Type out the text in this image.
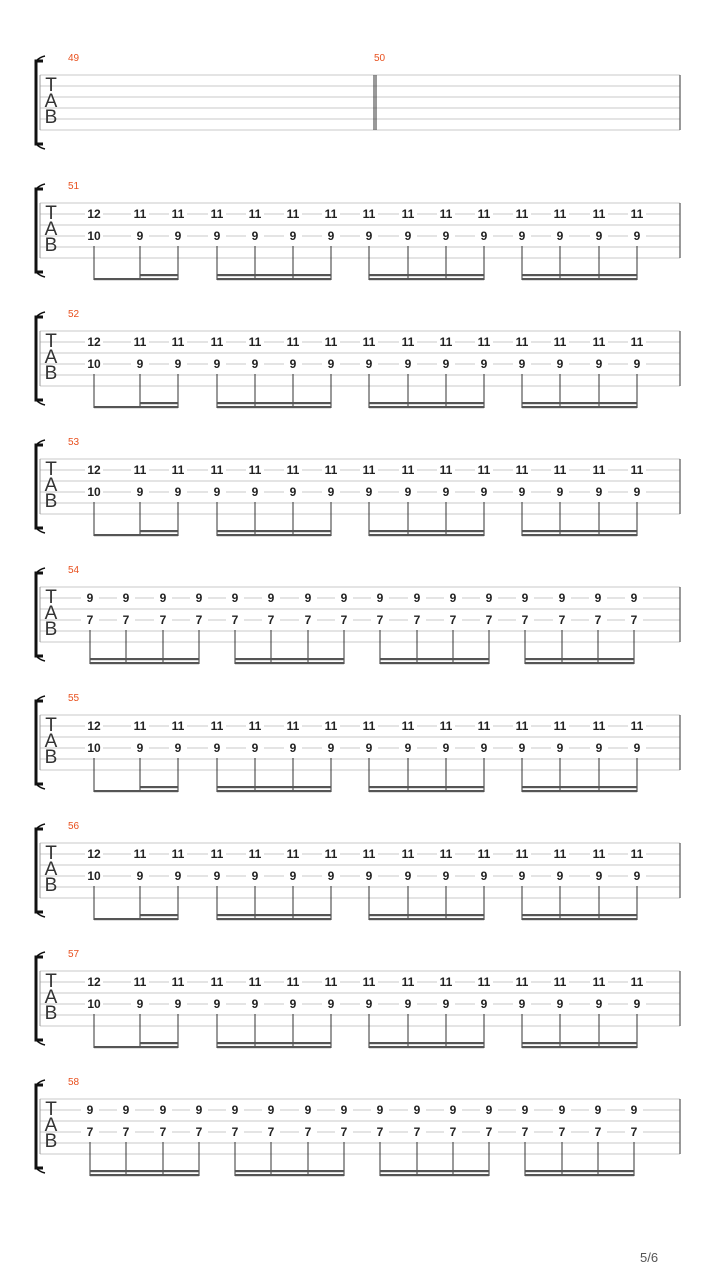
T
A
B
49	50
T
A
B
51
12
10
11
9
11
9
11
9
11
9
11
9
11
9
11
9
11
9
11
9
11
9
11
9
11
9
11
9
11
9
T
A
B
52
12
10
11
9
11
9
11
9
11
9
11
9
11
9
11
9
11
9
11
9
11
9
11
9
11
9
11
9
11
9
T
A
B
53
12
10
11
9
11
9
11
9
11
9
11
9
11
9
11
9
11
9
11
9
11
9
11
9
11
9
11
9
11
9
T
A
B
54
9
7
9
7
9
7
9
7
9
7
9
7
9
7
9
7
9
7
9
7
9
7
9
7
9
7
9
7
9
7
9
7
T
A
B
55
12
10
11
9
11
9
11
9
11
9
11
9
11
9
11
9
11
9
11
9
11
9
11
9
11
9
11
9
11
9
T
A
B
56
12
10
11
9
11
9
11
9
11
9
11
9
11
9
11
9
11
9
11
9
11
9
11
9
11
9
11
9
11
9
T
A
B
57
12
10
11
9
11
9
11
9
11
9
11
9
11
9
11
9
11
9
11
9
11
9
11
9
11
9
11
9
11
9
T
A
B
58
9
7
9
7
9
7
9
7
9
7
9
7
9
7
9
7
9
7
9
7
9
7
9
7
9
7
9
7
9
7
9
7
5/6
